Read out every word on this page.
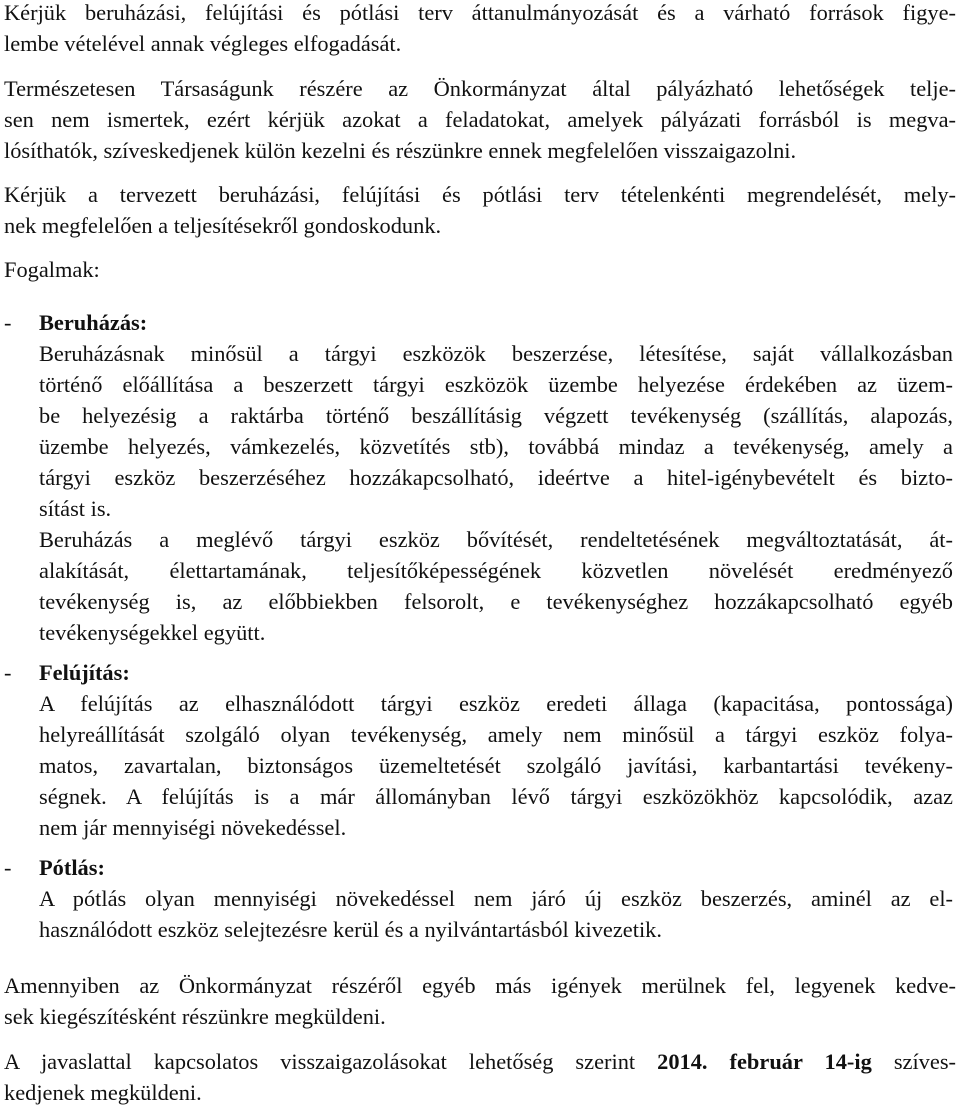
Kérjük beruházási, felújítási és pótlási terv áttanulmányozását és a várható források figye-
lembe vételével annak végleges elfogadását.
Természetesen Társaságunk részére az Önkormányzat által pályázható lehetőségek telje-
sen nem ismertek, ezért kérjük azokat a feladatokat, amelyek pályázati forrásból is megva-
lósíthatók, szíveskedjenek külön kezelni és részünkre ennek megfelelően visszaigazolni.
Kérjük a tervezett beruházási, felújítási és pótlási terv tételenkénti megrendelését, mely-
nek megfelelően a teljesítésekről gondoskodunk.
Fogalmak:
- Beruházás:
Beruházásnak minősül a tárgyi eszközök beszerzése, létesítése, saját vállalkozásban
történő előállítása a beszerzett tárgyi eszközök üzembe helyezése érdekében az üzem-
be helyezésig a raktárba történő beszállításig végzett tevékenység (szállítás, alapozás,
üzembe helyezés, vámkezelés, közvetítés stb), továbbá mindaz a tevékenység, amely a
tárgyi eszköz beszerzéséhez hozzákapcsolható, ideértve a hitel-igénybevételt és bizto-
sítást is.
Beruházás a meglévő tárgyi eszköz bővítését, rendeltetésének megváltoztatását, át-
alakítását, élettartamának, teljesítőképességének közvetlen növelését eredményező
tevékenység is, az előbbiekben felsorolt, e tevékenységhez hozzákapcsolható egyéb
tevékenységekkel együtt.
- Felújítás:
A felújítás az elhasználódott tárgyi eszköz eredeti állaga (kapacitása, pontossága)
helyreállítását szolgáló olyan tevékenység, amely nem minősül a tárgyi eszköz folya-
matos, zavartalan, biztonságos üzemeltetését szolgáló javítási, karbantartási tevékeny-
ségnek. A felújítás is a már állományban lévő tárgyi eszközökhöz kapcsolódik, azaz
nem jár mennyiségi növekedéssel.
- Pótlás:
A pótlás olyan mennyiségi növekedéssel nem járó új eszköz beszerzés, aminél az el-
használódott eszköz selejtezésre kerül és a nyilvántartásból kivezetik.
Amennyiben az Önkormányzat részéről egyéb más igények merülnek fel, legyenek kedve-
sek kiegészítésként részünkre megküldeni.
A javaslattal kapcsolatos visszaigazolásokat lehetőség szerint 2014. február 14-ig szíves-
kedjenek megküldeni.
